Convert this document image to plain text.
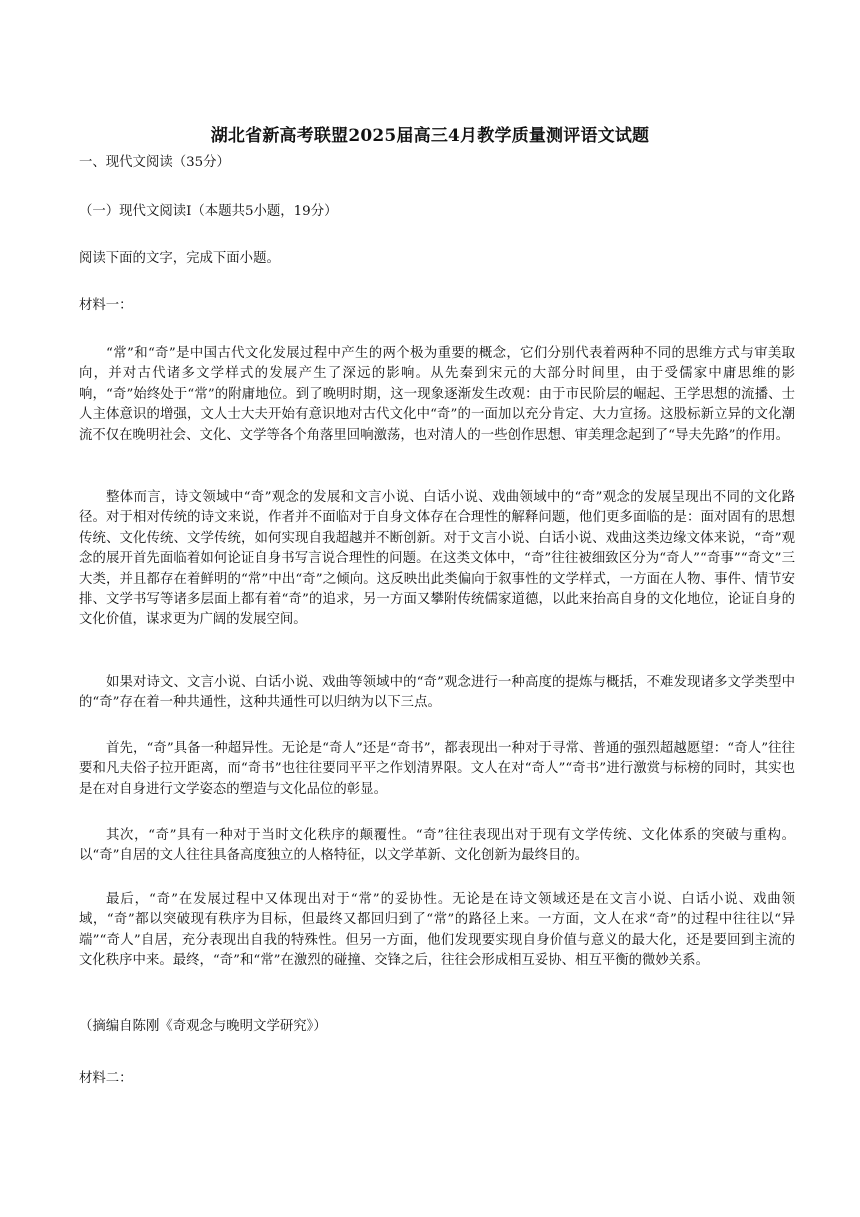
湖北省新高考联盟2025届高三4月教学质量测评语文试题
一、现代文阅读（35分）
（一）现代文阅读Ⅰ（本题共5小题，19分）
阅读下面的文字，完成下面小题。
材料一：

“常”和“奇”是中国古代文化发展过程中产生的两个极为重要的概念，它们分别代表着两种不同的思维方式与审美取向，并对古代诸多文学样式的发展产生了深远的影响。从先秦到宋元的大部分时间里，由于受儒家中庸思维的影响，“奇”始终处于“常”的附庸地位。到了晚明时期，这一现象逐渐发生改观：由于市民阶层的崛起、王学思想的流播、士人主体意识的增强，文人士大夫开始有意识地对古代文化中“奇”的一面加以充分肯定、大力宣扬。这股标新立异的文化潮流不仅在晚明社会、文化、文学等各个角落里回响激荡，也对清人的一些创作思想、审美理念起到了“导夫先路”的作用。

整体而言，诗文领域中“奇”观念的发展和文言小说、白话小说、戏曲领域中的“奇”观念的发展呈现出不同的文化路径。对于相对传统的诗文来说，作者并不面临对于自身文体存在合理性的解释问题，他们更多面临的是：面对固有的思想传统、文化传统、文学传统，如何实现自我超越并不断创新。对于文言小说、白话小说、戏曲这类边缘文体来说，“奇”观念的展开首先面临着如何论证自身书写言说合理性的问题。在这类文体中，“奇”往往被细致区分为“奇人”“奇事”“奇文”三大类，并且都存在着鲜明的“常”中出“奇”之倾向。这反映出此类偏向于叙事性的文学样式，一方面在人物、事件、情节安排、文学书写等诸多层面上都有着“奇”的追求，另一方面又攀附传统儒家道德，以此来抬高自身的文化地位，论证自身的文化价值，谋求更为广阔的发展空间。

如果对诗文、文言小说、白话小说、戏曲等领域中的“奇”观念进行一种高度的提炼与概括，不难发现诸多文学类型中的“奇”存在着一种共通性，这种共通性可以归纳为以下三点。

首先，“奇”具备一种超异性。无论是“奇人”还是“奇书”，都表现出一种对于寻常、普通的强烈超越愿望：“奇人”往往要和凡夫俗子拉开距离，而“奇书”也往往要同平平之作划清界限。文人在对“奇人”“奇书”进行激赏与标榜的同时，其实也是在对自身进行文学姿态的塑造与文化品位的彰显。

其次，“奇”具有一种对于当时文化秩序的颠覆性。“奇”往往表现出对于现有文学传统、文化体系的突破与重构。以“奇”自居的文人往往具备高度独立的人格特征，以文学革新、文化创新为最终目的。

最后，“奇”在发展过程中又体现出对于“常”的妥协性。无论是在诗文领域还是在文言小说、白话小说、戏曲领域，“奇”都以突破现有秩序为目标，但最终又都回归到了“常”的路径上来。一方面，文人在求“奇”的过程中往往以“异端”“奇人”自居，充分表现出自我的特殊性。但另一方面，他们发现要实现自身价值与意义的最大化，还是要回到主流的文化秩序中来。最终，“奇”和“常”在激烈的碰撞、交锋之后，往往会形成相互妥协、相互平衡的微妙关系。

（摘编自陈刚《奇观念与晚明文学研究》）
材料二：
